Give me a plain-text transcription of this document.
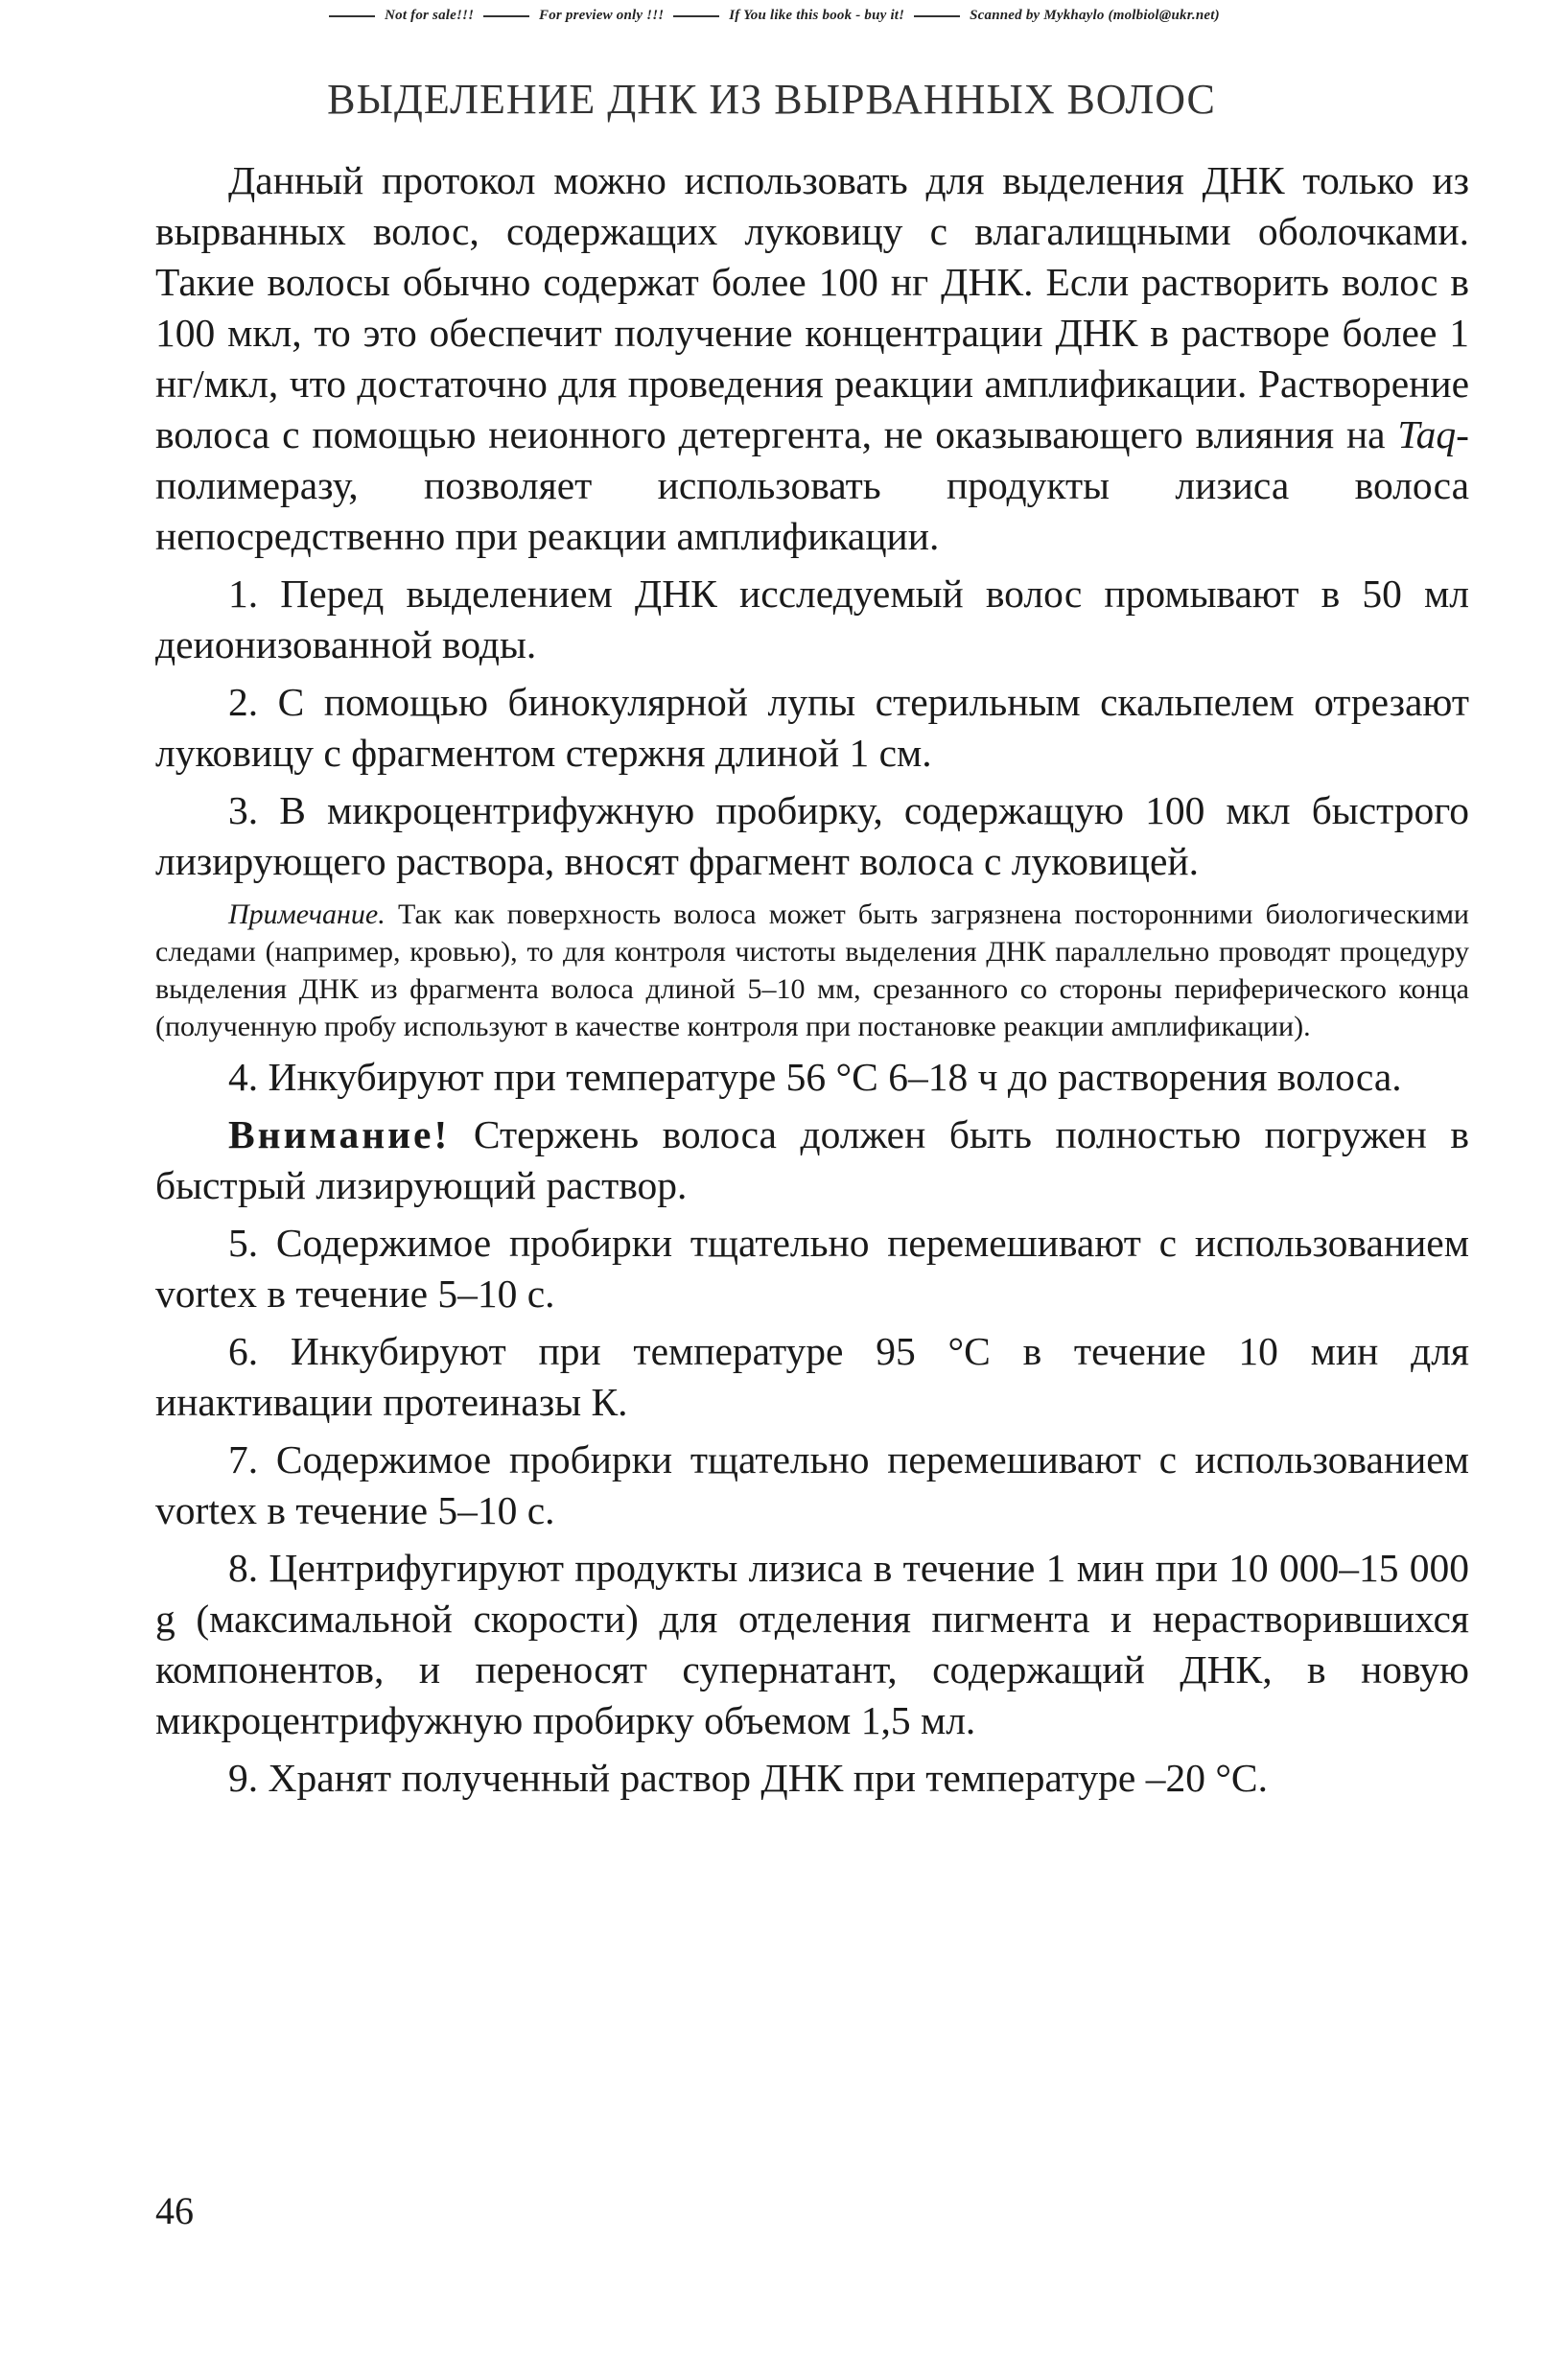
Not for sale!!!	For preview only !!!	If You like this book - buy it!	Scanned by Mykhaylo (molbiol@ukr.net)
ВЫДЕЛЕНИЕ ДНК ИЗ ВЫРВАННЫХ ВОЛОС

Данный протокол можно использовать для выделения ДНК только из вырванных волос, содержащих луковицу с влагалищными оболочками. Такие волосы обычно содержат более 100 нг ДНК. Если растворить волос в 100 мкл, то это обеспечит получение концентрации ДНК в растворе более 1 нг/мкл, что достаточно для проведения реакции амплификации. Растворение волоса с помощью неионного детергента, не оказывающего влияния на Taq-полимеразу, позволяет использовать продукты лизиса волоса непосредственно при реакции амплификации.

1. Перед выделением ДНК исследуемый волос промывают в 50 мл деионизованной воды.

2. С помощью бинокулярной лупы стерильным скальпелем отрезают луковицу с фрагментом стержня длиной 1 см.

3. В микроцентрифужную пробирку, содержащую 100 мкл быстрого лизирующего раствора, вносят фрагмент волоса с луковицей.

Примечание. Так как поверхность волоса может быть загрязнена посторонними биологическими следами (например, кровью), то для контроля чистоты выделения ДНК параллельно проводят процедуру выделения ДНК из фрагмента волоса длиной 5–10 мм, срезанного со стороны периферического конца (полученную пробу используют в качестве контроля при постановке реакции амплификации).

4. Инкубируют при температуре 56 °С 6–18 ч до растворения волоса.

Внимание! Стержень волоса должен быть полностью погружен в быстрый лизирующий раствор.

5. Содержимое пробирки тщательно перемешивают с использованием vortex в течение 5–10 с.

6. Инкубируют при температуре 95 °С в течение 10 мин для инактивации протеиназы К.

7. Содержимое пробирки тщательно перемешивают с использованием vortex в течение 5–10 с.

8. Центрифугируют продукты лизиса в течение 1 мин при 10 000–15 000 g (максимальной скорости) для отделения пигмента и нерастворившихся компонентов, и переносят супернатант, содержащий ДНК, в новую микроцентрифужную пробирку объемом 1,5 мл.

9. Хранят полученный раствор ДНК при температуре –20 °С.

46
